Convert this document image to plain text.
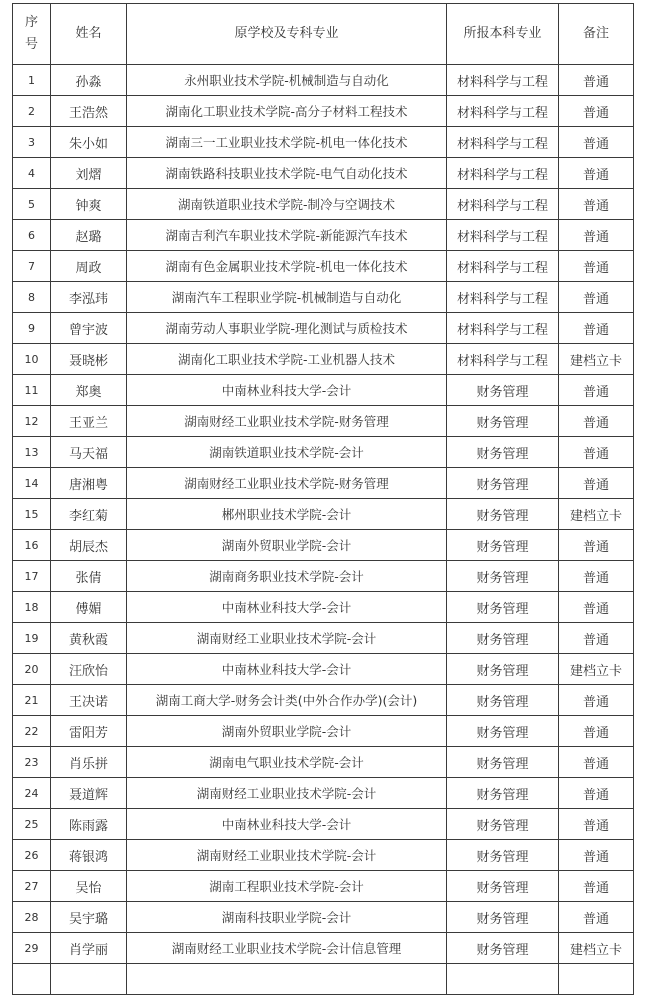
序
号	姓名	原学校及专科专业	所报本科专业	备注
1	孙淼	永州职业技术学院-机械制造与自动化	材料科学与工程	普通
2	王浩然	湖南化工职业技术学院-高分子材料工程技术	材料科学与工程	普通
3	朱小如	湖南三一工业职业技术学院-机电一体化技术	材料科学与工程	普通
4	刘熠	湖南铁路科技职业技术学院-电气自动化技术	材料科学与工程	普通
5	钟爽	湖南铁道职业技术学院-制冷与空调技术	材料科学与工程	普通
6	赵璐	湖南吉利汽车职业技术学院-新能源汽车技术	材料科学与工程	普通
7	周政	湖南有色金属职业技术学院-机电一体化技术	材料科学与工程	普通
8	李泓玮	湖南汽车工程职业学院-机械制造与自动化	材料科学与工程	普通
9	曾宇波	湖南劳动人事职业学院-理化测试与质检技术	材料科学与工程	普通
10	聂晓彬	湖南化工职业技术学院-工业机器人技术	材料科学与工程	建档立卡
11	郑奥	中南林业科技大学-会计	财务管理	普通
12	王亚兰	湖南财经工业职业技术学院-财务管理	财务管理	普通
13	马天福	湖南铁道职业技术学院-会计	财务管理	普通
14	唐湘粤	湖南财经工业职业技术学院-财务管理	财务管理	普通
15	李红菊	郴州职业技术学院-会计	财务管理	建档立卡
16	胡辰杰	湖南外贸职业学院-会计	财务管理	普通
17	张倩	湖南商务职业技术学院-会计	财务管理	普通
18	傅媚	中南林业科技大学-会计	财务管理	普通
19	黄秋霞	湖南财经工业职业技术学院-会计	财务管理	普通
20	汪欣怡	中南林业科技大学-会计	财务管理	建档立卡
21	王决诺	湖南工商大学-财务会计类(中外合作办学)(会计)	财务管理	普通
22	雷阳芳	湖南外贸职业学院-会计	财务管理	普通
23	肖乐拼	湖南电气职业技术学院-会计	财务管理	普通
24	聂道辉	湖南财经工业职业技术学院-会计	财务管理	普通
25	陈雨露	中南林业科技大学-会计	财务管理	普通
26	蒋银鸿	湖南财经工业职业技术学院-会计	财务管理	普通
27	吴怡	湖南工程职业技术学院-会计	财务管理	普通
28	吴宇璐	湖南科技职业学院-会计	财务管理	普通
29	肖学丽	湖南财经工业职业技术学院-会计信息管理	财务管理	建档立卡
